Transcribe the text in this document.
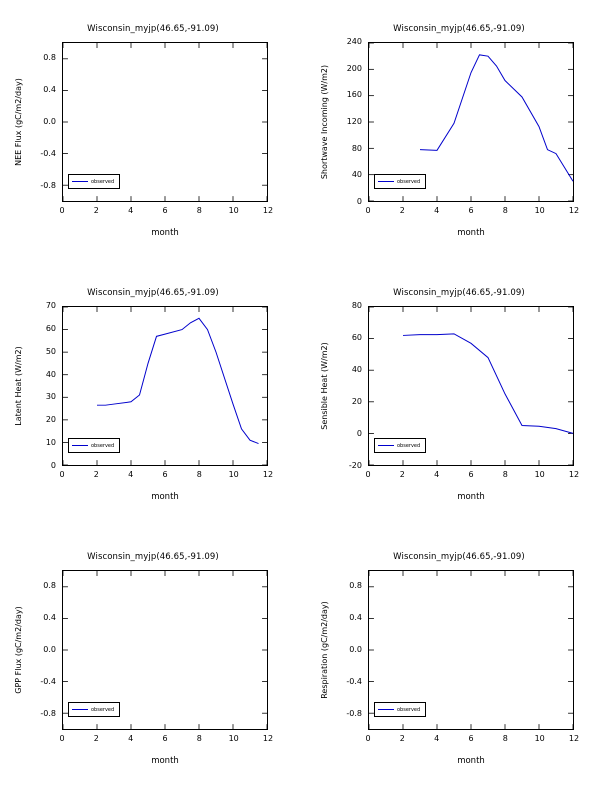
Wisconsin_myjp(46.65,-91.09)
0	2	4	6	8	10	12
-0.8
-0.4
0.0
0.4
0.8
month
NEE Flux (gC/m2/day)
observed
Wisconsin_myjp(46.65,-91.09)
0	2	4	6	8	10	12
0
40
80
120
160
200
240
month
Shortwave Incoming (W/m2)
observed
Wisconsin_myjp(46.65,-91.09)
0	2	4	6	8	10	12
0
10
20
30
40
50
60
70
month
Latent Heat (W/m2)
observed
Wisconsin_myjp(46.65,-91.09)
0	2	4	6	8	10	12
-20
0
20
40
60
80
month
Sensible Heat (W/m2)
observed
Wisconsin_myjp(46.65,-91.09)
0	2	4	6	8	10	12
-0.8
-0.4
0.0
0.4
0.8
month
GPP Flux (gC/m2/day)
observed
Wisconsin_myjp(46.65,-91.09)
0	2	4	6	8	10	12
-0.8
-0.4
0.0
0.4
0.8
month
Respiration (gC/m2/day)
observed
